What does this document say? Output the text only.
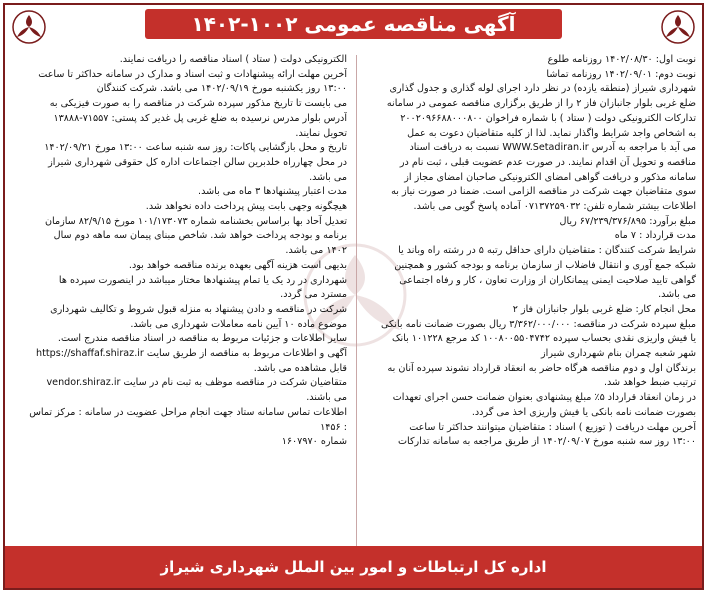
آگهی مناقصه عمومی ۱۰۰۲-۱۴۰۲

نوبت اول: ۱۴۰۲/۰۸/۳۰ روزنامه طلوع

نوبت دوم: ۱۴۰۲/۰۹/۰۱ روزنامه تماشا

شهرداری شیراز (منطقه یازده) در نظر دارد اجرای لوله گذاری و جدول گذاری

ضلع غربی بلوار جانبازان فاز ۲ را از طریق برگزاری مناقصه عمومی در سامانه

تدارکات الکترونیکی دولت ( ستاد ) با شماره فراخوان ۲۰۰۲۰۹۶۶۸۸۰۰۰۸۰۰

به اشخاص واجد شرایط واگذار نماید. لذا از کلیه متقاضیان دعوت به عمل

می آید با مراجعه به آدرس WWW.Setadiran.ir نسبت به دریافت اسناد

مناقصه و تحویل آن اقدام نمایند. در صورت عدم عضویت قبلی ، ثبت نام در

سامانه مذکور و دریافت گواهی امضای الکترونیکی صاحبان امضای مجاز از

سوی متقاضیان جهت شرکت در مناقصه الزامی است. ضمنا در صورت نیاز به

اطلاعات بیشتر شماره تلفن: ۰۷۱۳۷۲۵۹۰۳۲ آماده پاسخ گویی می باشد.

مبلغ برآورد: ۶۷/۲۳۹/۳۷۶/۸۹۵ ریال

مدت قرارداد : ۷ ماه

شرایط شرکت کنندگان : متقاضیان دارای حداقل رتبه ۵ در رشته راه وباند یا

شبکه جمع آوری و انتقال فاضلاب از سازمان برنامه و بودجه کشور و همچنین

گواهی تایید صلاحیت ایمنی پیمانکاران از وزارت تعاون ، کار و رفاه اجتماعی

می باشد.

محل انجام کار: ضلع غربی بلوار جانبازان فاز ۲

مبلغ سپرده شرکت در مناقصه: ۳/۳۶۲/۰۰۰/۰۰۰ ریال بصورت ضمانت نامه بانکی

یا فیش واریزی نقدی بحساب سپرده ۱۰۰۸۰۰۵۵۰۴۷۴۲ کد مرجع ۱۰۱۲۲۸ بانک

شهر شعبه چمران بنام شهرداری شیراز

برندگان اول و دوم مناقصه هرگاه حاضر به انعقاد قرارداد نشوند سپرده آنان به

ترتیب ضبط خواهد شد.

در زمان انعقاد قرارداد ۵٪ مبلغ پیشنهادی بعنوان ضمانت حسن اجرای تعهدات

بصورت ضمانت نامه بانکی یا فیش واریزی اخذ می گردد.

آخرین مهلت دریافت ( توزیع ) اسناد : متقاضیان میتوانند حداکثر تا ساعت

۱۳:۰۰ روز سه شنبه مورخ ۱۴۰۲/۰۹/۰۷ از طریق مراجعه به سامانه تدارکات

الکترونیکی دولت ( ستاد ) اسناد مناقصه را دریافت نمایند.

آخرین مهلت ارائه پیشنهادات و ثبت اسناد و مدارک در سامانه حداکثر تا ساعت

۱۳:۰۰ روز یکشنبه مورخ ۱۴۰۲/۰۹/۱۹ می باشد. شرکت کنندگان

می بایست تا تاریخ مذکور سپرده شرکت در مناقصه را به صورت فیزیکی به

آدرس بلوار مدرس نرسیده به ضلع غربی پل غدیر کد پستی: ۷۱۵۵۷-۱۳۸۸۸

تحویل نمایند.

تاریخ و محل بازگشایی پاکات: روز سه شنبه ساعت ۱۳:۰۰ مورخ ۱۴۰۲/۰۹/۲۱

در محل چهارراه خلدبرین سالن اجتماعات اداره کل حقوقی شهرداری شیراز

می باشد.

مدت اعتبار پیشنهادها ۳ ماه می باشد.

هیچگونه وجهی بابت پیش پرداخت داده نخواهد شد.

تعدیل آحاد بها براساس بخشنامه شماره ۱۰۱/۱۷۳۰۷۳ مورخ ۸۲/۹/۱۵ سازمان

برنامه و بودجه پرداخت خواهد شد. شاخص مبنای پیمان سه ماهه دوم سال

۱۴۰۲ می باشد.

بدیهی است هزینه آگهی بعهده برنده مناقصه خواهد بود.

شهرداری در رد یک یا تمام پیشنهادها مختار میباشد در اینصورت سپرده ها

مسترد می گردد.

شرکت در مناقصه و دادن پیشنهاد به منزله قبول شروط و تکالیف شهرداری

موضوع ماده ۱۰ آیین نامه معاملات شهرداری می باشد.

سایر اطلاعات و جزئیات مربوط به مناقصه در اسناد مناقصه مندرج است.

آگهی و اطلاعات مربوط به مناقصه از طریق سایت https://shaffaf.shiraz.ir

قابل مشاهده می باشد.

متقاضیان شرکت در مناقصه موظف به ثبت نام در سایت vendor.shiraz.ir

می باشند.

اطلاعات تماس سامانه ستاد جهت انجام مراحل عضویت در سامانه : مرکز تماس

: ۱۴۵۶

شماره ۱۶۰۷۹۷۰

اداره کل ارتباطات و امور بین الملل شهرداری شیراز
